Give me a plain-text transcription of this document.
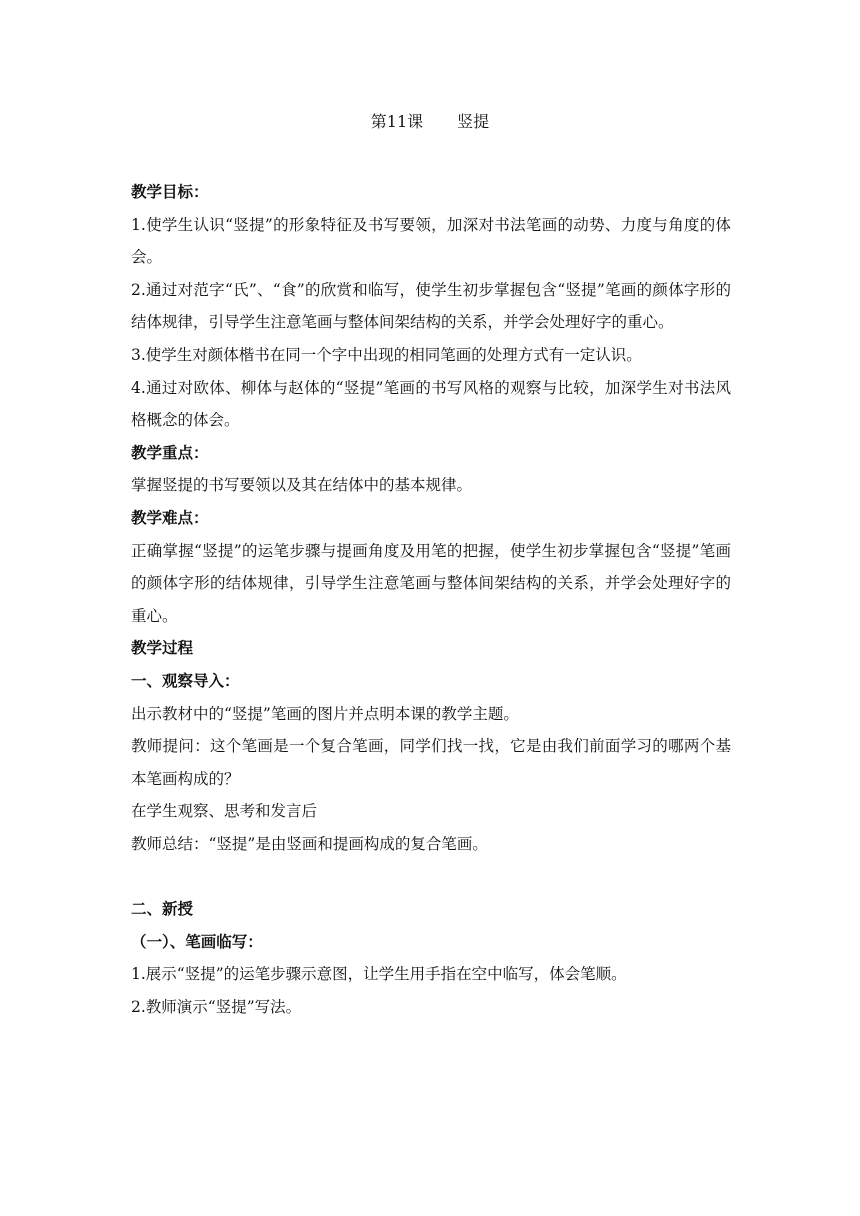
第11课 竖提

教学目标：

1.使学生认识“竖提”的形象特征及书写要领，加深对书法笔画的动势、力度与角度的体会。

2.通过对范字“氏”、“食”的欣赏和临写，使学生初步掌握包含“竖提”笔画的颜体字形的结体规律，引导学生注意笔画与整体间架结构的关系，并学会处理好字的重心。

3.使学生对颜体楷书在同一个字中出现的相同笔画的处理方式有一定认识。

4.通过对欧体、柳体与赵体的“竖提”笔画的书写风格的观察与比较，加深学生对书法风格概念的体会。

教学重点：

掌握竖提的书写要领以及其在结体中的基本规律。

教学难点：

正确掌握“竖提”的运笔步骤与提画角度及用笔的把握，使学生初步掌握包含“竖提”笔画的颜体字形的结体规律，引导学生注意笔画与整体间架结构的关系，并学会处理好字的重心。

教学过程

一、观察导入：

出示教材中的“竖提”笔画的图片并点明本课的教学主题。

教师提问：这个笔画是一个复合笔画，同学们找一找，它是由我们前面学习的哪两个基本笔画构成的？

在学生观察、思考和发言后

教师总结：“竖提”是由竖画和提画构成的复合笔画。

二、新授

（一）、笔画临写：

1.展示“竖提”的运笔步骤示意图，让学生用手指在空中临写，体会笔顺。

2.教师演示“竖提”写法。
